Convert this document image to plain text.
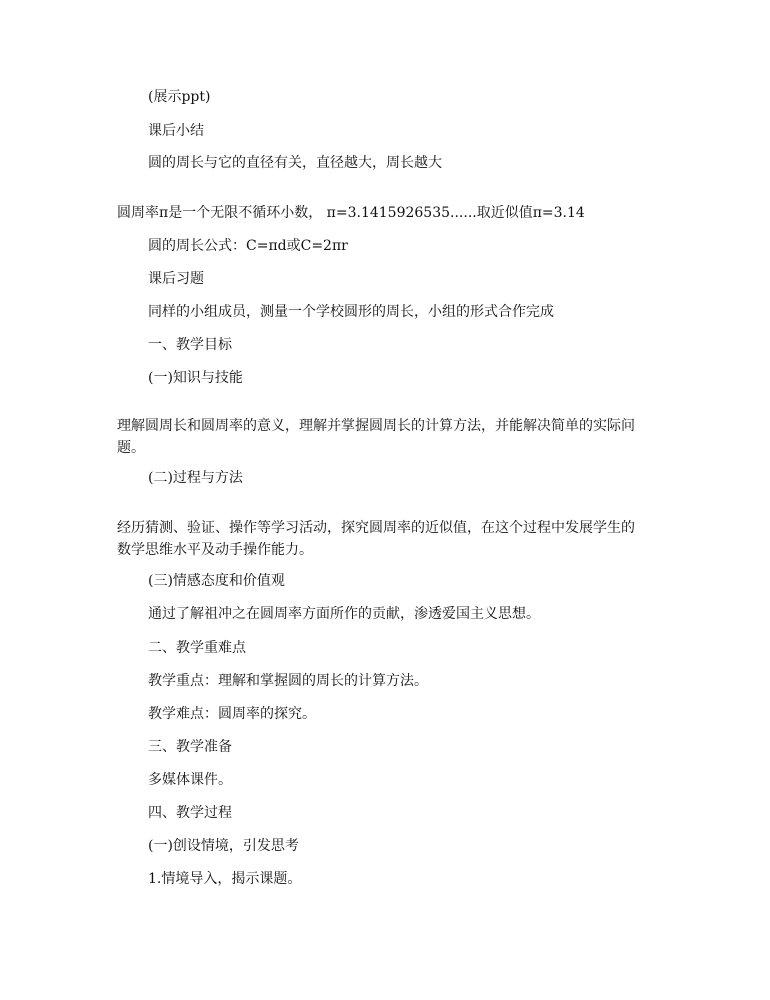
(展示ppt)
课后小结
圆的周长与它的直径有关，直径越大，周长越大
圆周率π是一个无限不循环小数， π=3.1415926535......取近似值π=3.14
圆的周长公式：C=πd或C=2πr
课后习题
同样的小组成员，测量一个学校圆形的周长，小组的形式合作完成
一、教学目标
(一)知识与技能
理解圆周长和圆周率的意义，理解并掌握圆周长的计算方法，并能解决简单的实际问题。
(二)过程与方法
经历猜测、验证、操作等学习活动，探究圆周率的近似值，在这个过程中发展学生的数学思维水平及动手操作能力。
(三)情感态度和价值观
通过了解祖冲之在圆周率方面所作的贡献，渗透爱国主义思想。
二、教学重难点
教学重点：理解和掌握圆的周长的计算方法。
教学难点：圆周率的探究。
三、教学准备
多媒体课件。
四、教学过程
(一)创设情境，引发思考
1.情境导入，揭示课题。
